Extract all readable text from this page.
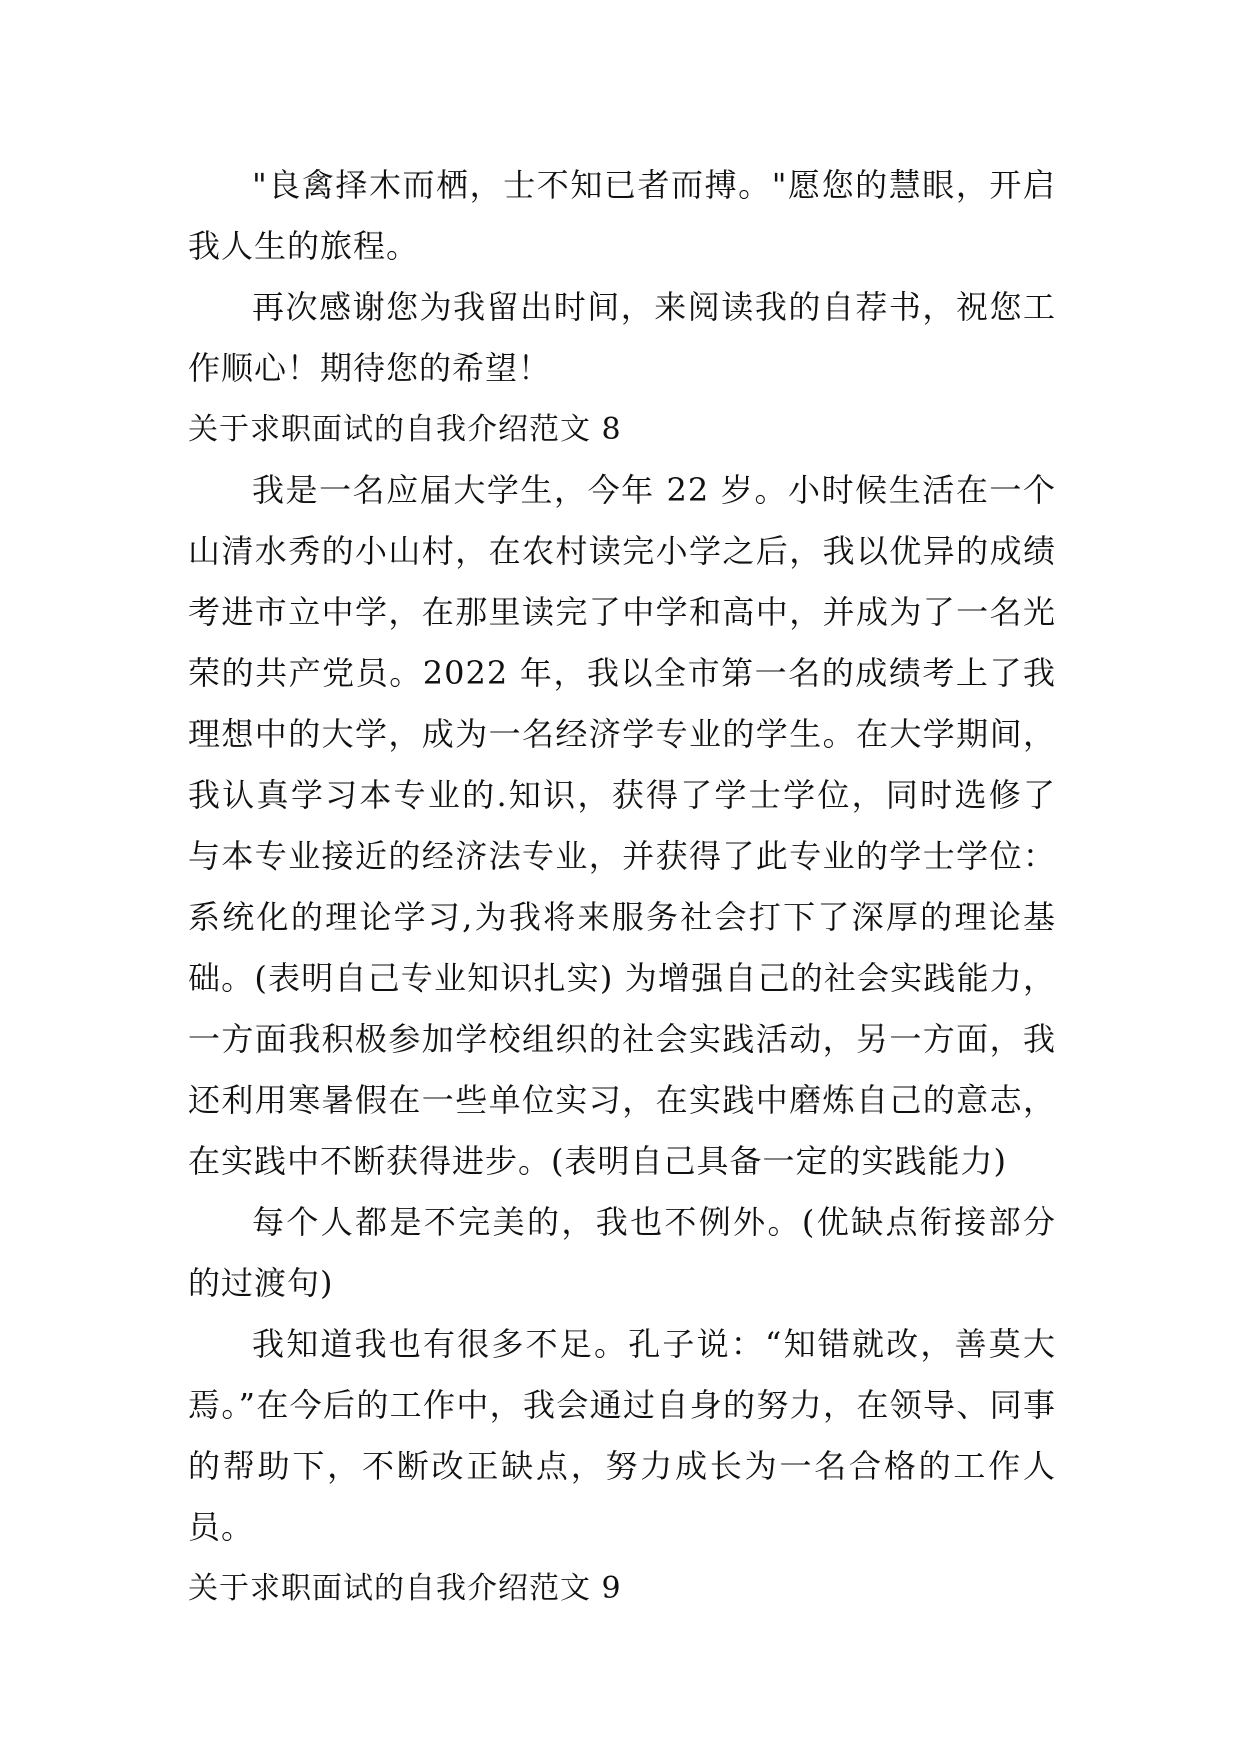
"良禽择木而栖，士不知已者而搏。"愿您的慧眼，开启我人生的旅程。

再次感谢您为我留出时间，来阅读我的自荐书，祝您工作顺心！期待您的希望！

关于求职面试的自我介绍范文 8

我是一名应届大学生，今年 22 岁。小时候生活在一个山清水秀的小山村，在农村读完小学之后，我以优异的成绩考进市立中学，在那里读完了中学和高中，并成为了一名光荣的共产党员。2022 年，我以全市第一名的成绩考上了我理想中的大学，成为一名经济学专业的学生。在大学期间，我认真学习本专业的.知识，获得了学士学位，同时选修了与本专业接近的经济法专业，并获得了此专业的学士学位：系统化的理论学习,为我将来服务社会打下了深厚的理论基础。(表明自己专业知识扎实) 为增强自己的社会实践能力，一方面我积极参加学校组织的社会实践活动，另一方面，我还利用寒暑假在一些单位实习，在实践中磨炼自己的意志，在实践中不断获得进步。(表明自己具备一定的实践能力)

每个人都是不完美的，我也不例外。(优缺点衔接部分的过渡句)

我知道我也有很多不足。孔子说：“知错就改，善莫大焉。”在今后的工作中，我会通过自身的努力，在领导、同事的帮助下，不断改正缺点，努力成长为一名合格的工作人员。

关于求职面试的自我介绍范文 9
